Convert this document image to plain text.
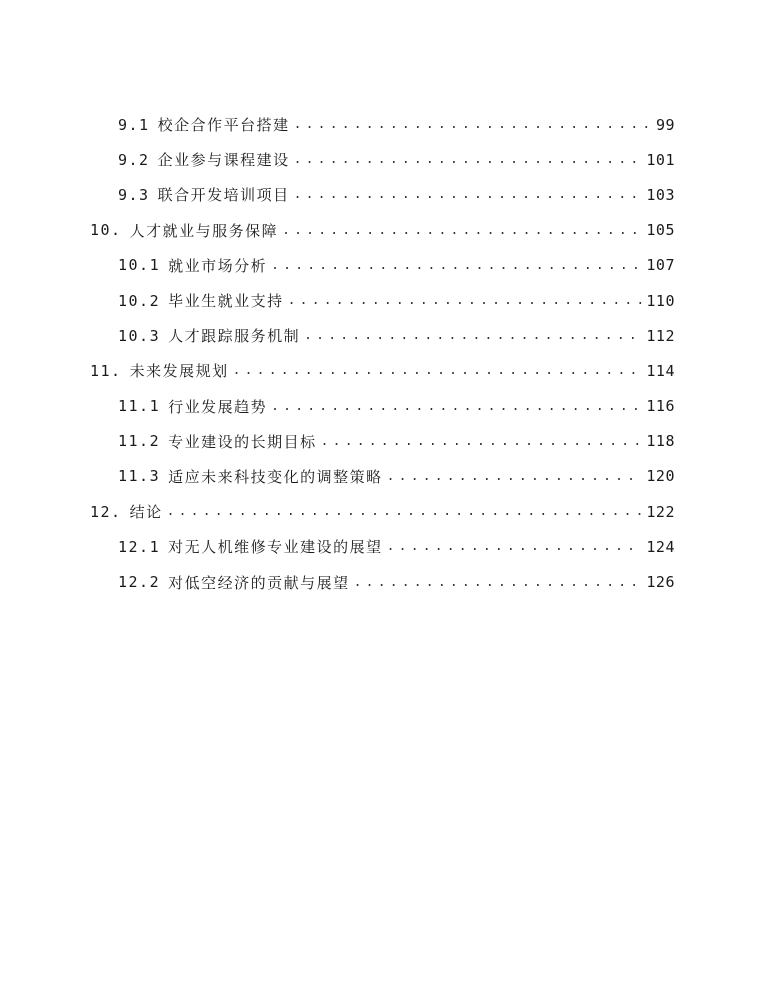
9.1 校企合作平台搭建 .....	99
9.2 企业参与课程建设 .....	101
9.3 联合开发培训项目 .....	103
10. 人才就业与服务保障 .....	105
10.1 就业市场分析 .....	107
10.2 毕业生就业支持 .....	110
10.3 人才跟踪服务机制 .....	112
11. 未来发展规划 .....	114
11.1 行业发展趋势 .....	116
11.2 专业建设的长期目标 .....	118
11.3 适应未来科技变化的调整策略 .....	120
12. 结论 .....	122
12.1 对无人机维修专业建设的展望 .....	124
12.2 对低空经济的贡献与展望 .....	126
